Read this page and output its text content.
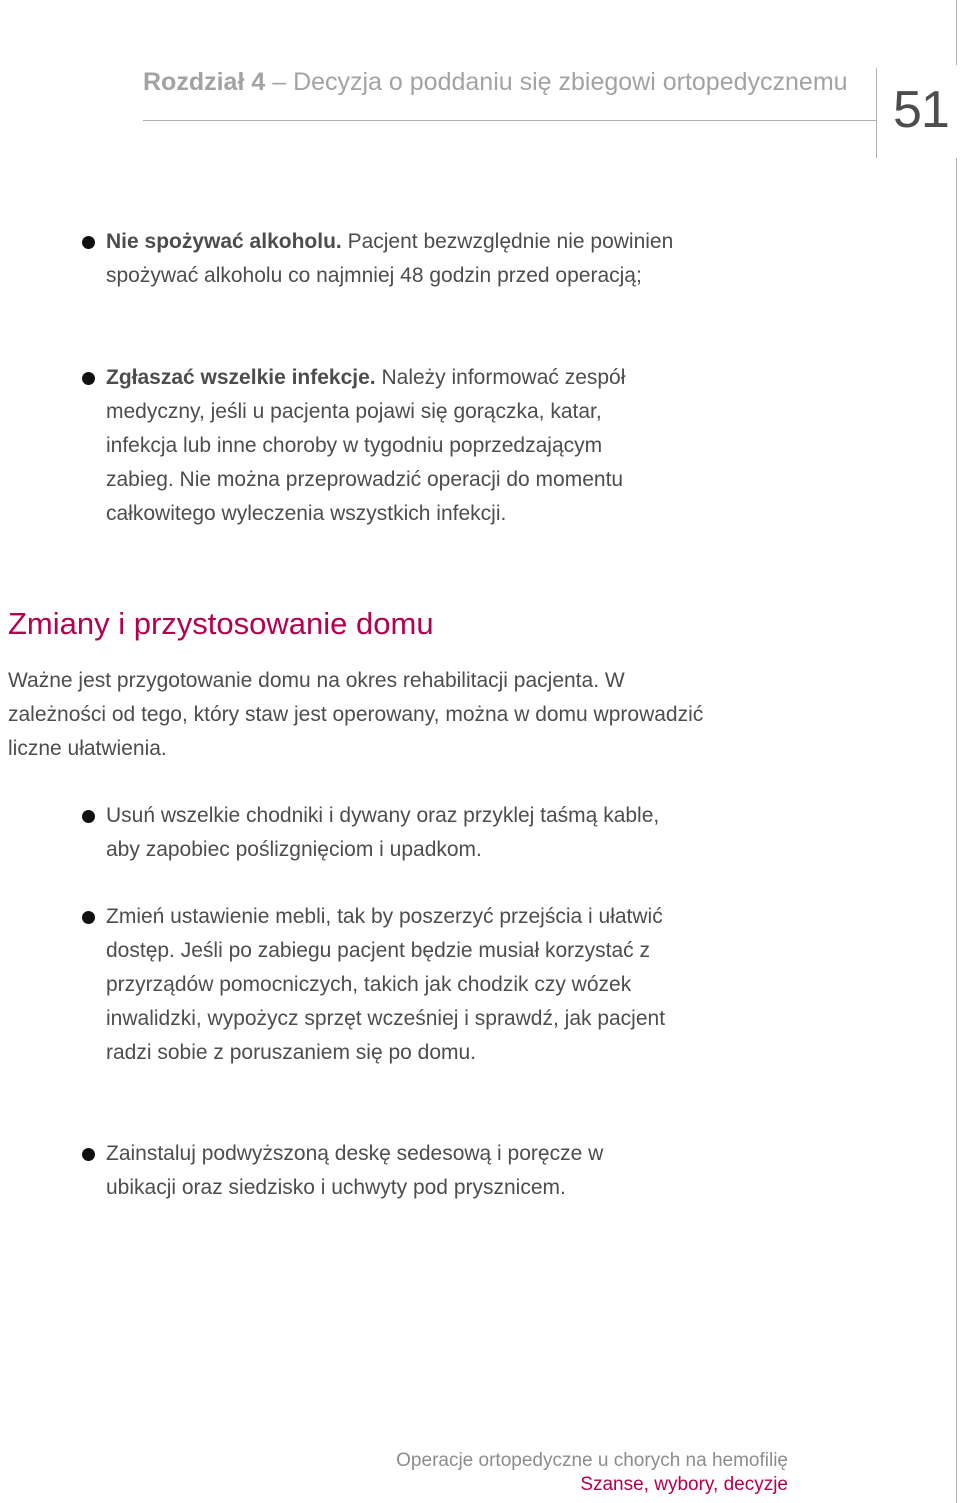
Rozdział 4 – Decyzja o poddaniu się zbiegowi ortopedycznemu 51
Nie spożywać alkoholu. Pacjent bezwzględnie nie powinien spożywać alkoholu co najmniej 48 godzin przed operacją;
Zgłaszać wszelkie infekcje. Należy informować zespół medyczny, jeśli u pacjenta pojawi się gorączka, katar, infekcja lub inne choroby w tygodniu poprzedzającym zabieg. Nie można przeprowadzić operacji do momentu całkowitego wyleczenia wszystkich infekcji.
Zmiany i przystosowanie domu
Ważne jest przygotowanie domu na okres rehabilitacji pacjenta. W zależności od tego, który staw jest operowany, można w domu wprowadzić liczne ułatwienia.
Usuń wszelkie chodniki i dywany oraz przyklej taśmą kable, aby zapobiec poślizgnięciom i upadkom.
Zmień ustawienie mebli, tak by poszerzyć przejścia i ułatwić dostęp. Jeśli po zabiegu pacjent będzie musiał korzystać z przyrządów pomocniczych, takich jak chodzik czy wózek inwalidzki, wypożycz sprzęt wcześniej i sprawdź, jak pacjent radzi sobie z poruszaniem się po domu.
Zainstaluj podwyższoną deskę sedesową i poręcze w ubikacji oraz siedzisko i uchwyty pod prysznicem.
Operacje ortopedyczne u chorych na hemofilię
Szanse, wybory, decyzje
